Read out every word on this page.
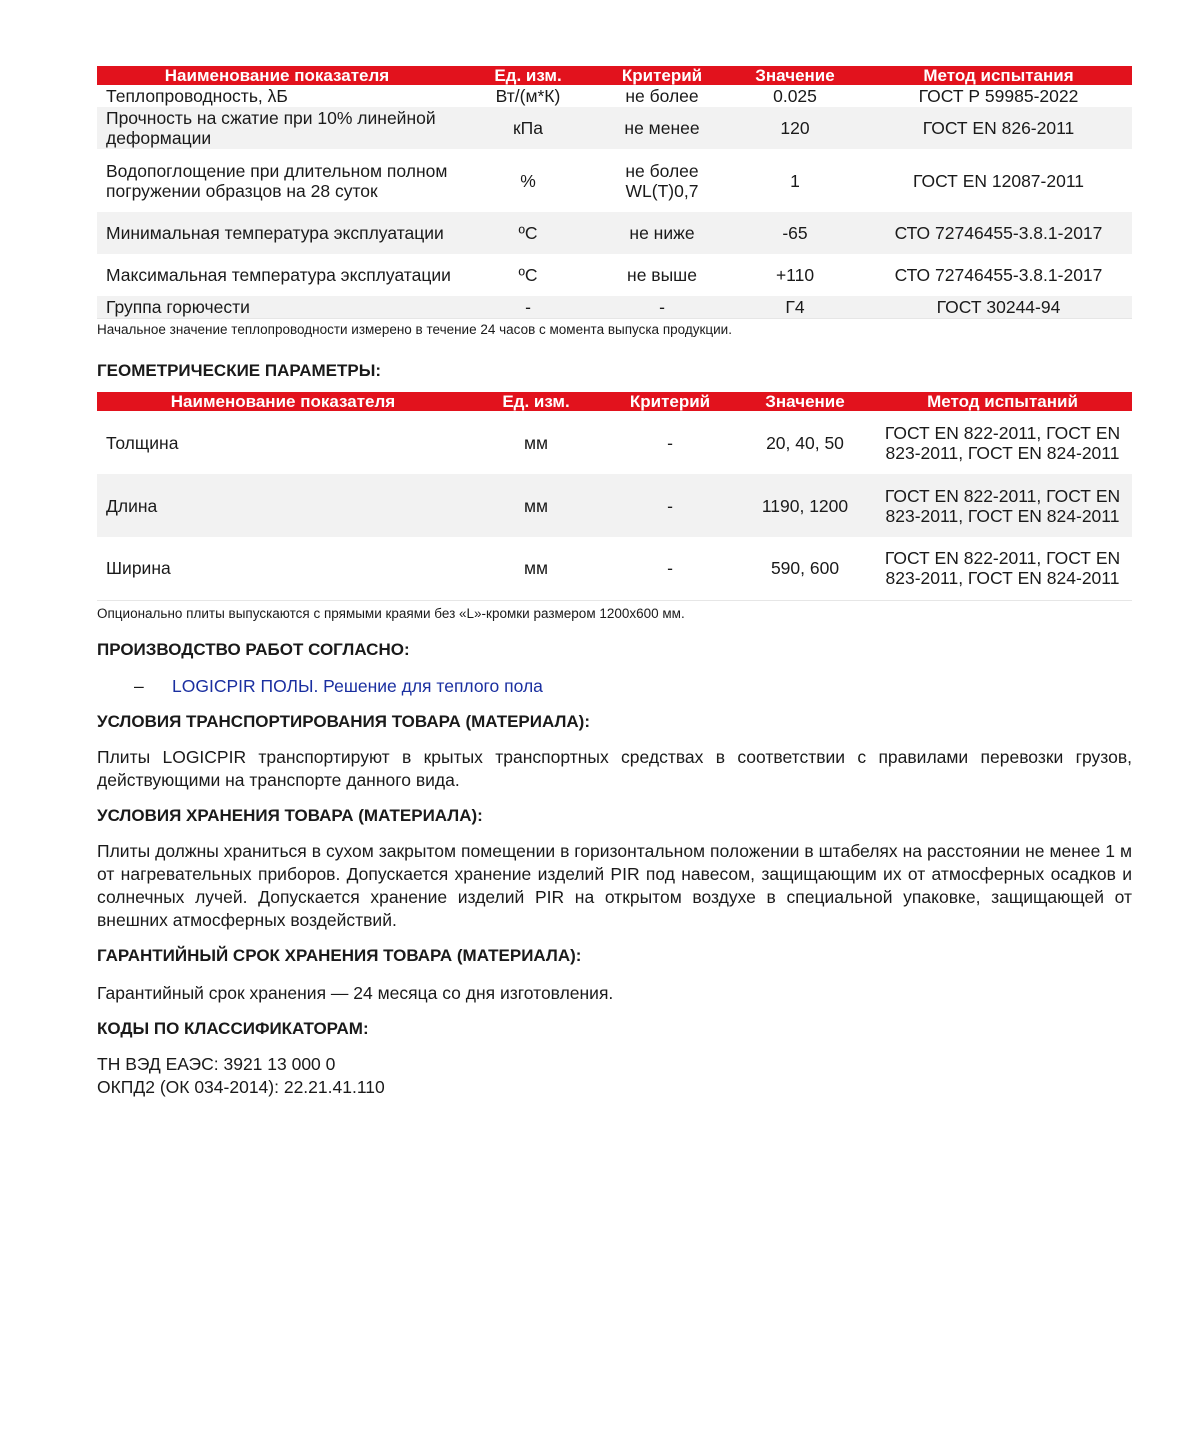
Наименование показателя	Ед. изм.	Критерий	Значение	Метод испытания
Теплопроводность, λБ	Вт/(м*К)	не более	0.025	ГОСТ Р 59985-2022
Прочность на сжатие при 10% линейной деформации	кПа	не менее	120	ГОСТ EN 826-2011
Водопоглощение при длительном полном погружении образцов на 28 суток	%	не более WL(T)0,7	1	ГОСТ EN 12087-2011
Минимальная температура эксплуатации	ºС	не ниже	-65	СТО 72746455-3.8.1-2017
Максимальная температура эксплуатации	ºС	не выше	+110	СТО 72746455-3.8.1-2017
Группа горючести	-	-	Г4	ГОСТ 30244-94
Начальное значение теплопроводности измерено в течение 24 часов с момента выпуска продукции.
ГЕОМЕТРИЧЕСКИЕ ПАРАМЕТРЫ:
Наименование показателя	Ед. изм.	Критерий	Значение	Метод испытаний
Толщина	мм	-	20, 40, 50	ГОСТ EN 822-2011, ГОСТ EN 823-2011, ГОСТ EN 824-2011
Длина	мм	-	1190, 1200	ГОСТ EN 822-2011, ГОСТ EN 823-2011, ГОСТ EN 824-2011
Ширина	мм	-	590, 600	ГОСТ EN 822-2011, ГОСТ EN 823-2011, ГОСТ EN 824-2011
Опционально плиты выпускаются с прямыми краями без «L»-кромки размером 1200х600 мм.
ПРОИЗВОДСТВО РАБОТ СОГЛАСНО:
– LOGICPIR ПОЛЫ. Решение для теплого пола
УСЛОВИЯ ТРАНСПОРТИРОВАНИЯ ТОВАРА (МАТЕРИАЛА):

Плиты LOGICPIR транспортируют в крытых транспортных средствах в соответствии с правилами перевозки грузов, действующими на транспорте данного вида.

УСЛОВИЯ ХРАНЕНИЯ ТОВАРА (МАТЕРИАЛА):

Плиты должны храниться в сухом закрытом помещении в горизонтальном положении в штабелях на расстоянии не менее 1 м от нагревательных приборов. Допускается хранение изделий PIR под навесом, защищающим их от атмосферных осадков и солнечных лучей. Допускается хранение изделий PIR на открытом воздухе в специальной упаковке, защищающей от внешних атмосферных воздействий.

ГАРАНТИЙНЫЙ СРОК ХРАНЕНИЯ ТОВАРА (МАТЕРИАЛА):

Гарантийный срок хранения — 24 месяца со дня изготовления.

КОДЫ ПО КЛАССИФИКАТОРАМ:

ТН ВЭД ЕАЭС: 3921 13 000 0

ОКПД2 (ОК 034-2014): 22.21.41.110
